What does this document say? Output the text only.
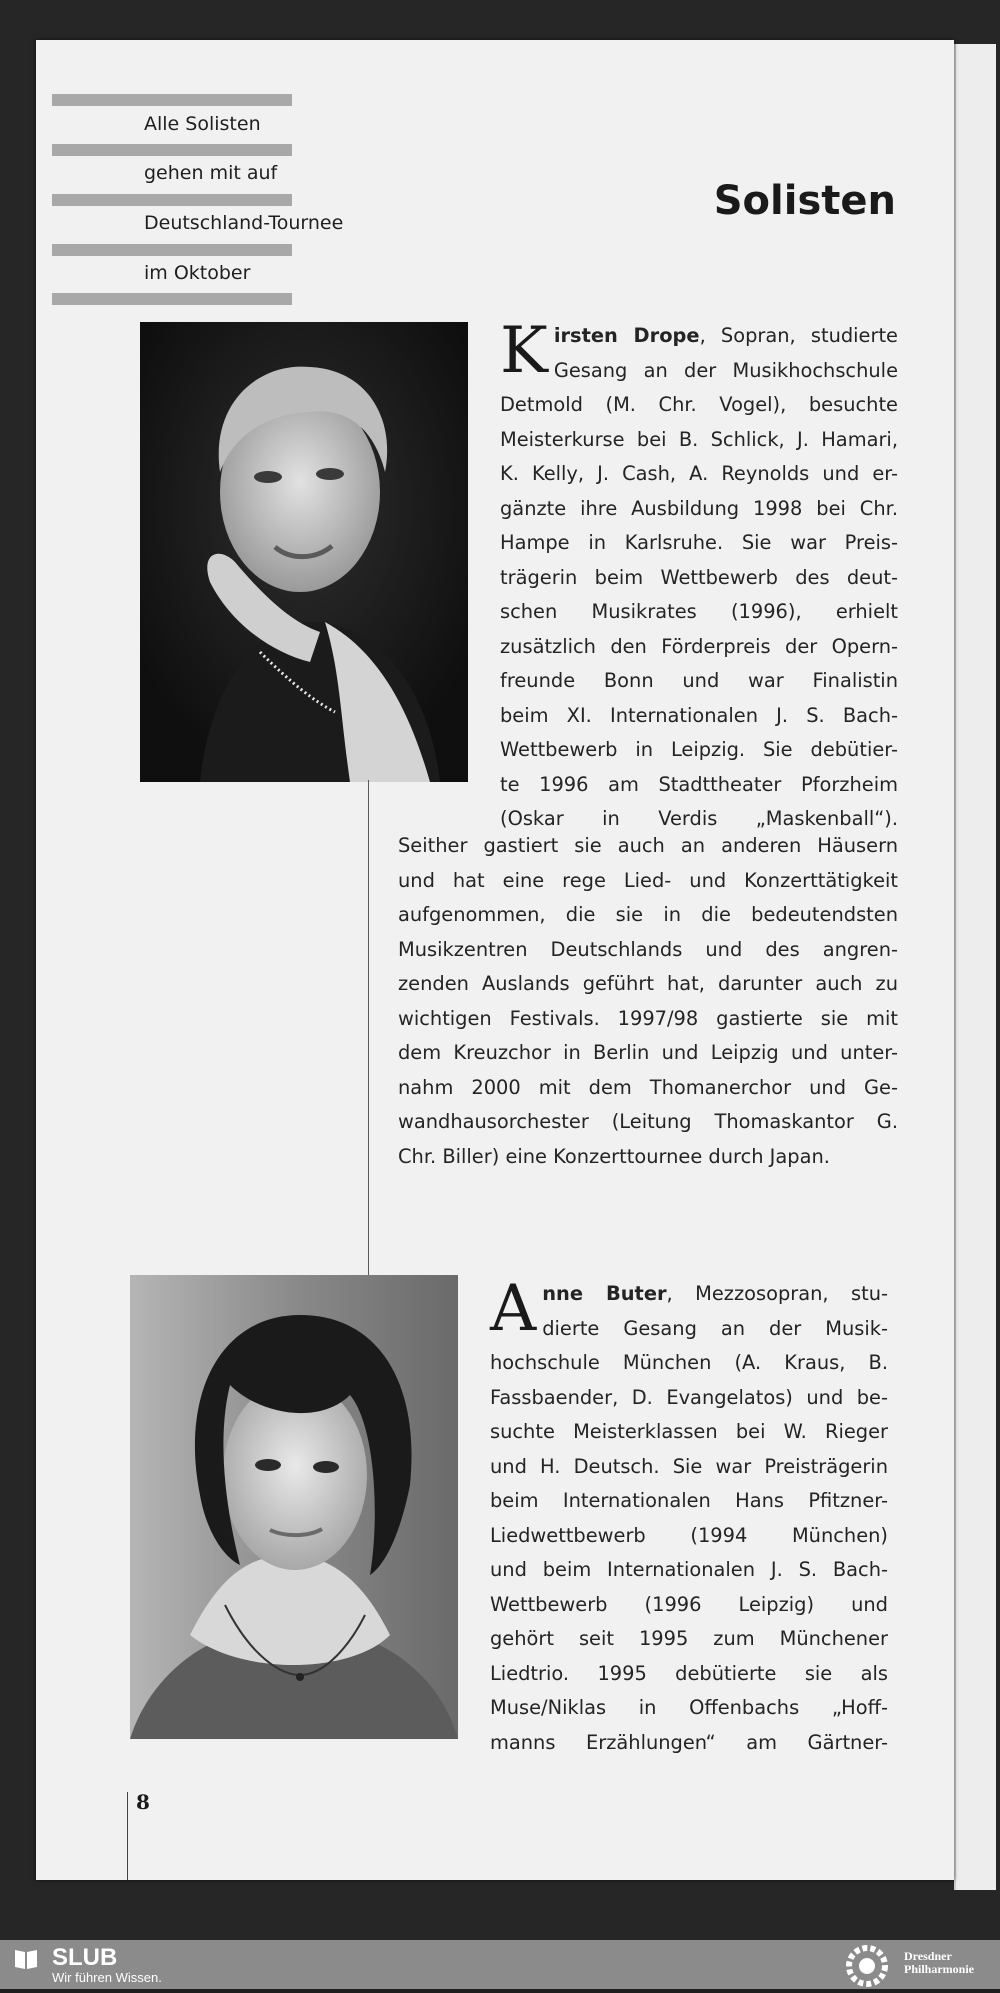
Alle Solisten
gehen mit auf
Deutschland-Tournee
im Oktober
Solisten
K irsten Drope, Sopran, studierte

Gesang an der Musikhochschule

Detmold (M. Chr. Vogel), besuchte

Meisterkurse bei B. Schlick, J. Hamari,

K. Kelly, J. Cash, A. Reynolds und er-

gänzte ihre Ausbildung 1998 bei Chr.

Hampe in Karlsruhe. Sie war Preis-

trägerin beim Wettbewerb des deut-

schen Musikrates (1996), erhielt

zusätzlich den Förderpreis der Opern-

freunde Bonn und war Finalistin

beim XI. Internationalen J. S. Bach-

Wettbewerb in Leipzig. Sie debütier-

te 1996 am Stadttheater Pforzheim

(Oskar in Verdis „Maskenball“).

Seither gastiert sie auch an anderen Häusern

und hat eine rege Lied- und Konzerttätigkeit

aufgenommen, die sie in die bedeutendsten

Musikzentren Deutschlands und des angren-

zenden Auslands geführt hat, darunter auch zu

wichtigen Festivals. 1997/98 gastierte sie mit

dem Kreuzchor in Berlin und Leipzig und unter-

nahm 2000 mit dem Thomanerchor und Ge-

wandhausorchester (Leitung Thomaskantor G.

Chr. Biller) eine Konzerttournee durch Japan.

A nne Buter, Mezzosopran, stu-

dierte Gesang an der Musik-

hochschule München (A. Kraus, B.

Fassbaender, D. Evangelatos) und be-

suchte Meisterklassen bei W. Rieger

und H. Deutsch. Sie war Preisträgerin

beim Internationalen Hans Pfitzner-

Liedwettbewerb (1994 München)

und beim Internationalen J. S. Bach-

Wettbewerb (1996 Leipzig) und

gehört seit 1995 zum Münchener

Liedtrio. 1995 debütierte sie als

Muse/Niklas in Offenbachs „Hoff-

manns Erzählungen“ am Gärtner-

8
SLUB
Wir führen Wissen.
Dresdner Philharmonie
